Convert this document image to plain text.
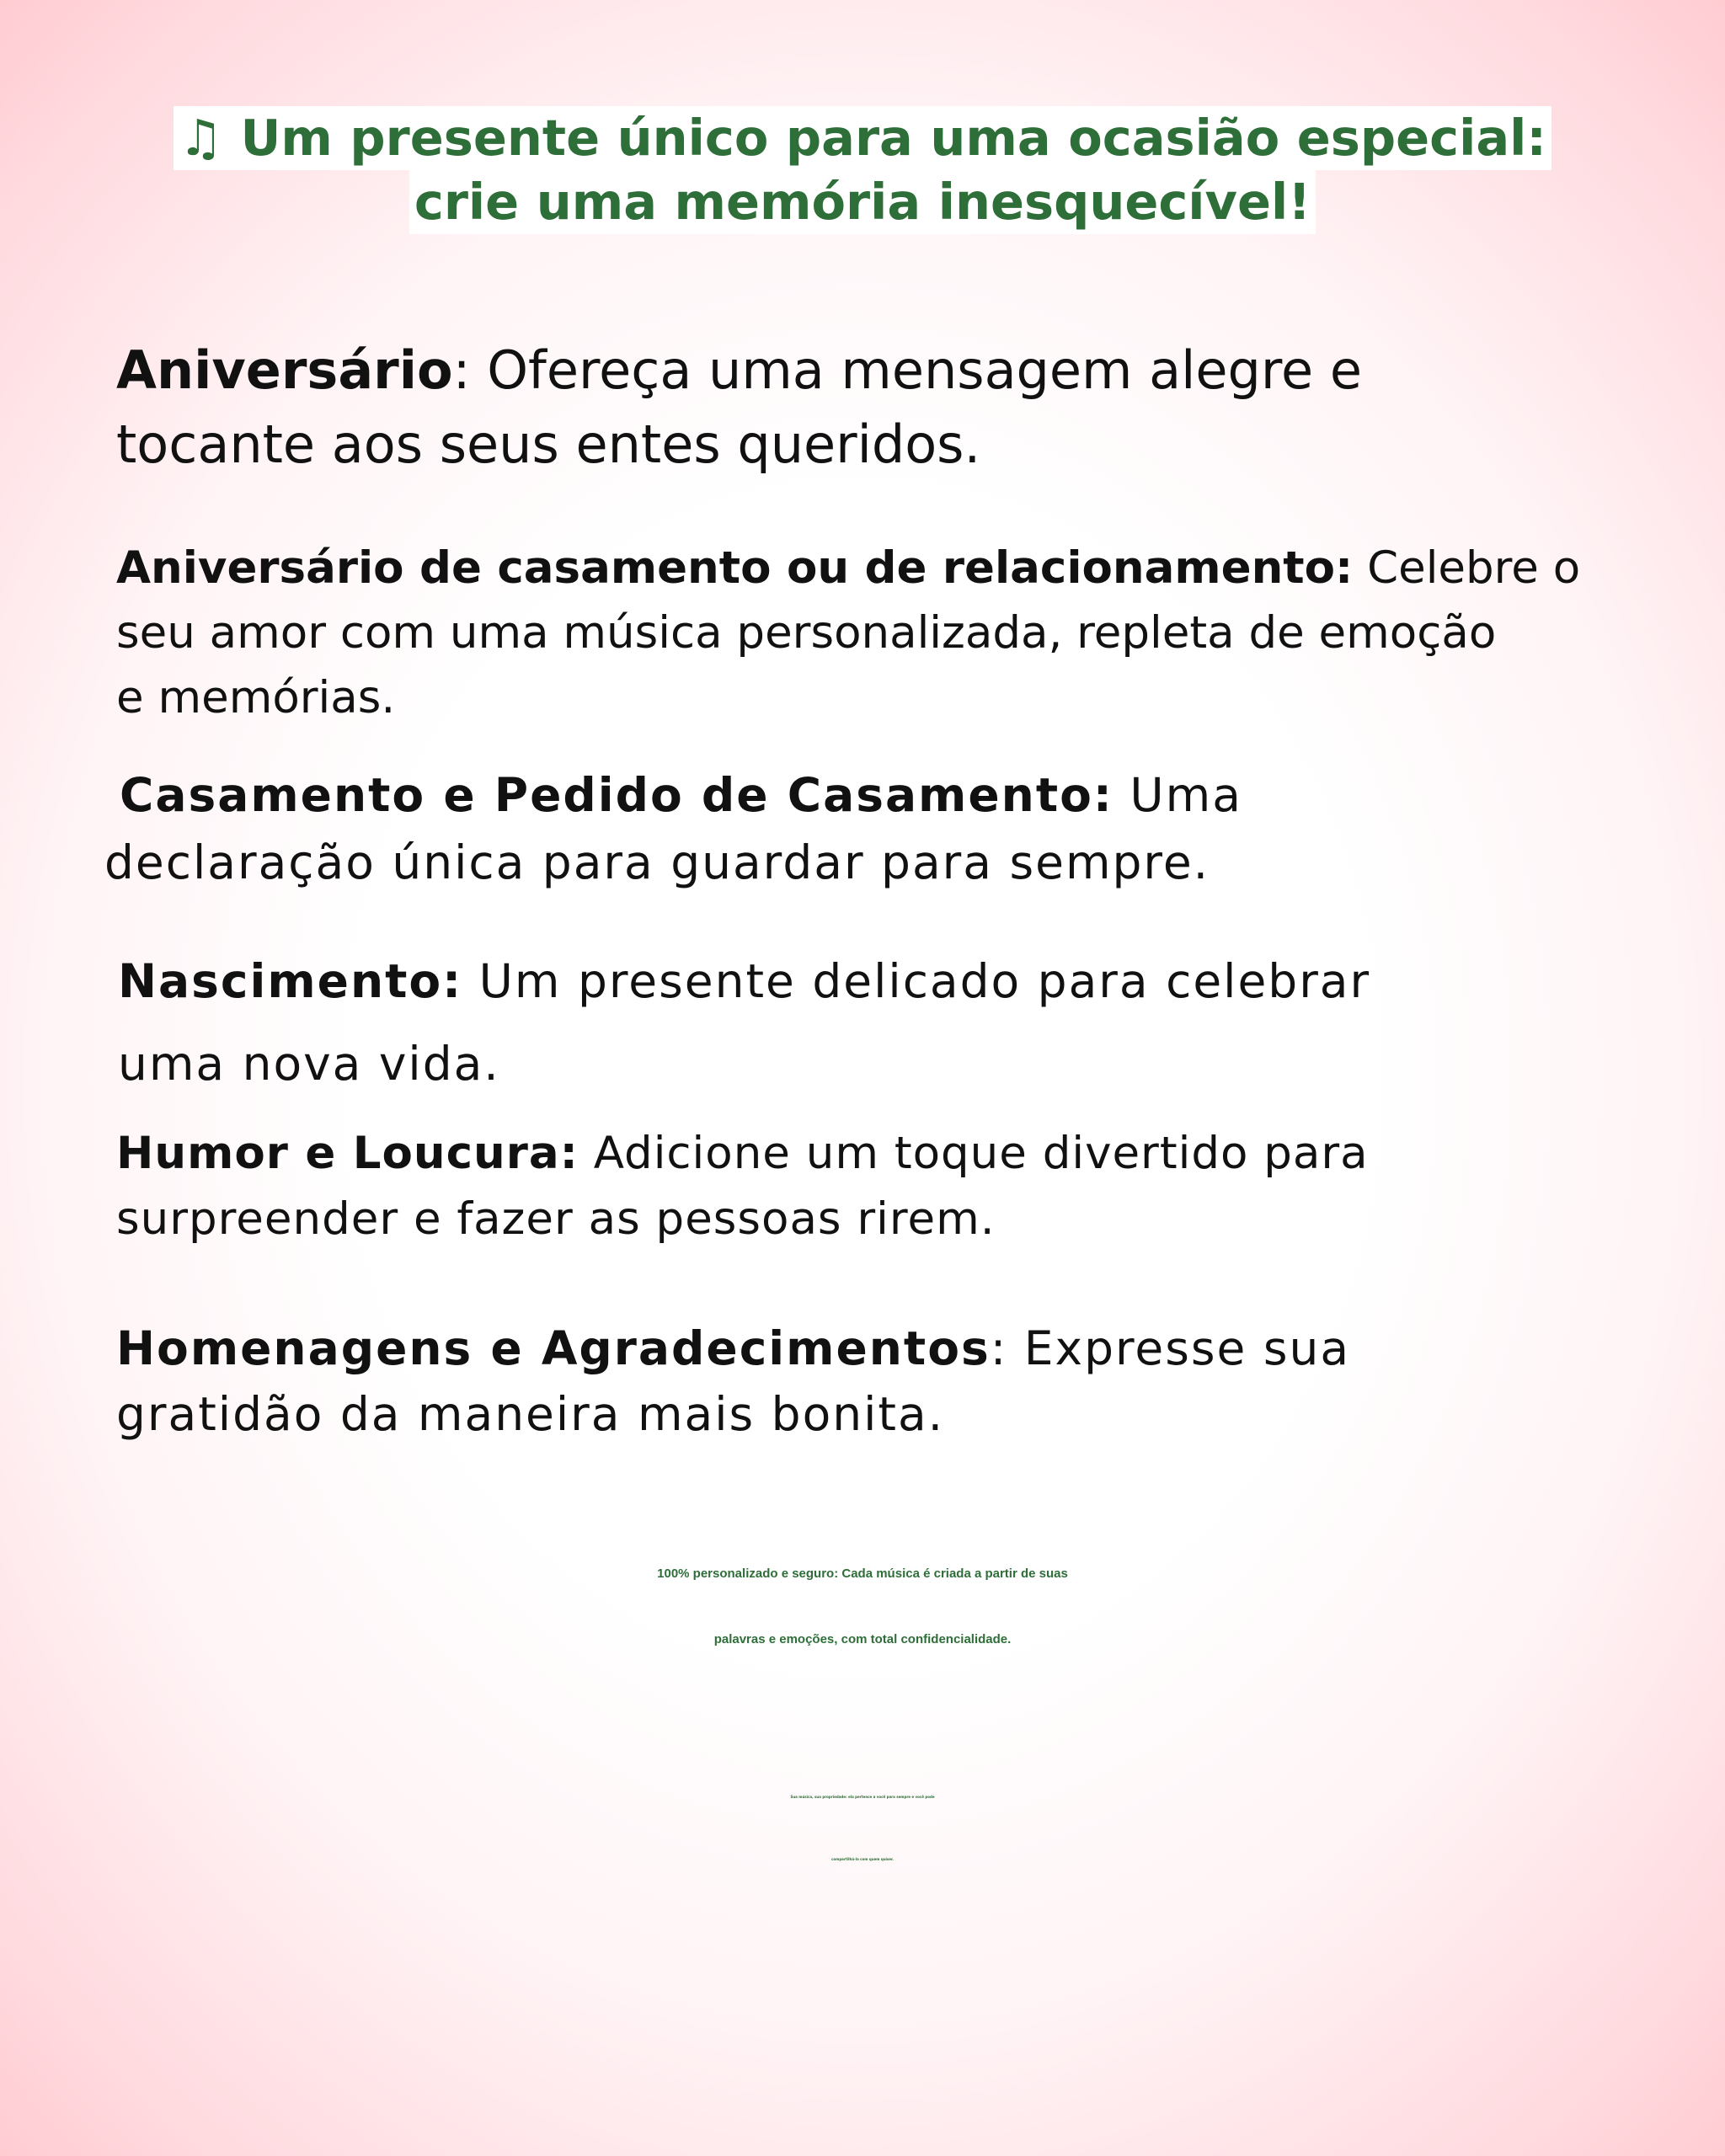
♫ Um presente único para uma ocasião especial:
crie uma memória inesquecível!
Aniversário: Ofereça uma mensagem alegre e
tocante aos seus entes queridos.
Aniversário de casamento ou de relacionamento: Celebre o
seu amor com uma música personalizada, repleta de emoção
e memórias.
Casamento e Pedido de Casamento: Uma
declaração única para guardar para sempre.
Nascimento: Um presente delicado para celebrar
uma nova vida.
Humor e Loucura: Adicione um toque divertido para
surpreender e fazer as pessoas rirem.
Homenagens e Agradecimentos: Expresse sua
gratidão da maneira mais bonita.
100% personalizado e seguro: Cada música é criada a partir de suas
palavras e emoções, com total confidencialidade.
Sua música, sua propriedade: ela pertence a você para sempre e você pode
compartilhá-la com quem quiser.
